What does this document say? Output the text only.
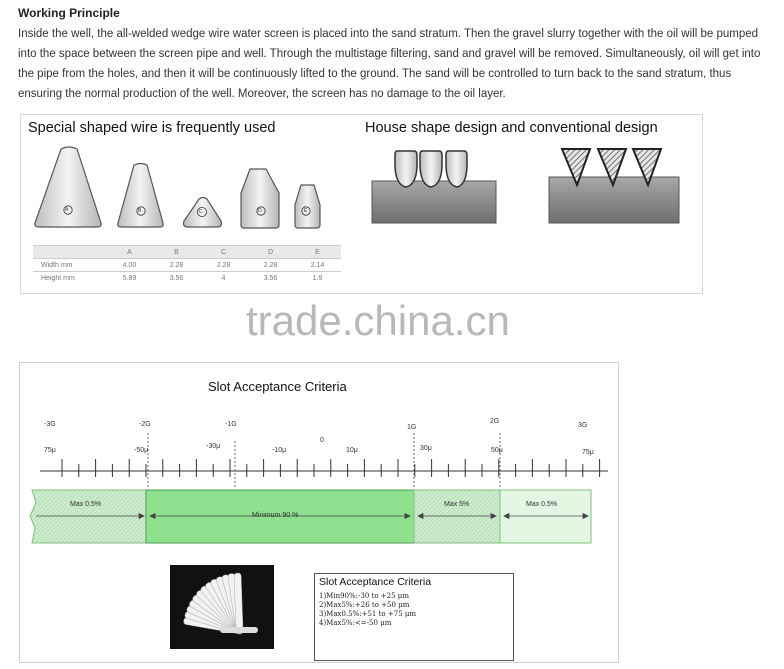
Working Principle
Inside the well, the all-welded wedge wire water screen is placed into the sand stratum. Then the gravel slurry together with the oil will be pumped into the space between the screen pipe and well. Through the multistage filtering, sand and gravel will be removed. Simultaneously, oil will get into the pipe from the holes, and then it will be continuously lifted to the ground. The sand will be controlled to turn back to the sand stratum, thus ensuring the normal production of the well. Moreover, the screen has no damage to the oil layer.
Special shaped wire is frequently used	House shape design and conventional design
A	B	C	D	E
	A	B	C	D	E
Width mm	4.00	2.28	2.28	2.28	2.14
Height mm	5.89	3.56	4	3.56	1.9
trade.china.cn
Slot Acceptance Criteria
-3G	-2G	-1G	1G
2G
3G
75μ	-50μ
-30μ
-10μ
0
10μ	30μ	50μ	75μ
Max 0.5%
Minimum 90 %
Max 5%	Max 0.5%
Slot Acceptance Criteria
1)Min90%:-30 to +25 μm
2)Max5%:+26 to +50 μm
3)Max0.5%:+51 to +75 μm
4)Max5%:<=-50 μm
